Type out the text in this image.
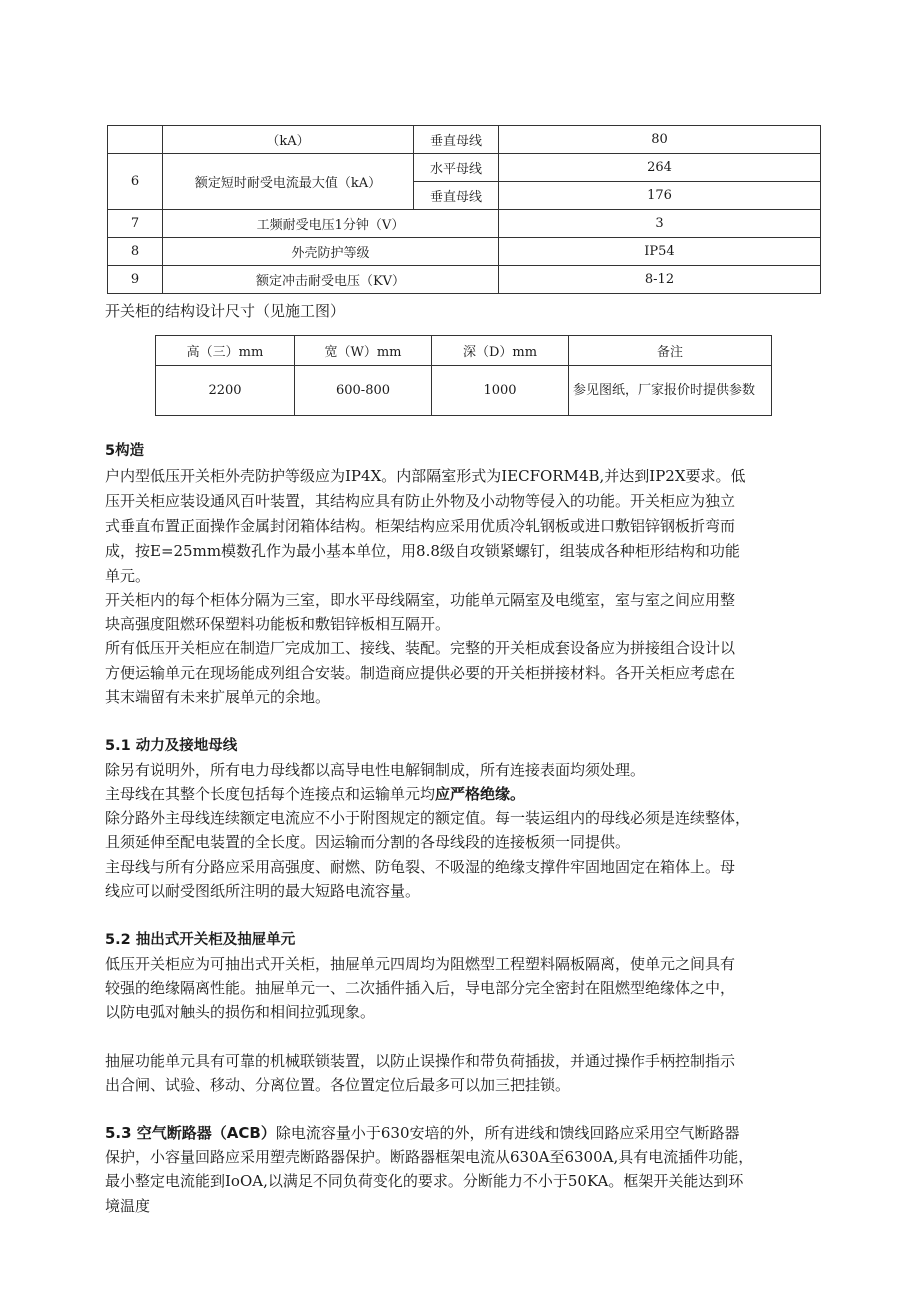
	（kA）	垂直母线	80
6	额定短时耐受电流最大值（kA）	水平母线	264
		垂直母线	176
7	工频耐受电压1分钟（V）		3
8	外壳防护等级		IP54
9	额定冲击耐受电压（KV）		8-12

开关柜的结构设计尺寸（见施工图）

高（三）mm	宽（W）mm	深（D）mm	备注
2200	600-800	1000	参见图纸，厂家报价时提供参数

5构造

户内型低压开关柜外壳防护等级应为IP4X。内部隔室形式为IECFORM4B,并达到IP2X要求。低

压开关柜应装设通风百叶装置，其结构应具有防止外物及小动物等侵入的功能。开关柜应为独立

式垂直布置正面操作金属封闭箱体结构。柜架结构应采用优质冷轧钢板或进口敷铝锌钢板折弯而

成，按E=25mm模数孔作为最小基本单位，用8.8级自攻锁紧螺钉，组装成各种柜形结构和功能

单元。

开关柜内的每个柜体分隔为三室，即水平母线隔室，功能单元隔室及电缆室，室与室之间应用整

块高强度阻燃环保塑料功能板和敷铝锌板相互隔开。

所有低压开关柜应在制造厂完成加工、接线、装配。完整的开关柜成套设备应为拼接组合设计以

方便运输单元在现场能成列组合安装。制造商应提供必要的开关柜拼接材料。各开关柜应考虑在

其末端留有未来扩展单元的余地。

5.1 动力及接地母线

除另有说明外，所有电力母线都以高导电性电解铜制成，所有连接表面均须处理。

主母线在其整个长度包括每个连接点和运输单元均应严格绝缘。

除分路外主母线连续额定电流应不小于附图规定的额定值。每一装运组内的母线必须是连续整体，

且须延伸至配电装置的全长度。因运输而分割的各母线段的连接板须一同提供。

主母线与所有分路应采用高强度、耐燃、防龟裂、不吸湿的绝缘支撑件牢固地固定在箱体上。母

线应可以耐受图纸所注明的最大短路电流容量。

5.2 抽出式开关柜及抽屉单元

低压开关柜应为可抽出式开关柜，抽屉单元四周均为阻燃型工程塑料隔板隔离，使单元之间具有

较强的绝缘隔离性能。抽屉单元一、二次插件插入后，导电部分完全密封在阻燃型绝缘体之中，

以防电弧对触头的损伤和相间拉弧现象。

抽屉功能单元具有可靠的机械联锁装置，以防止误操作和带负荷插拔，并通过操作手柄控制指示

出合闸、试验、移动、分离位置。各位置定位后最多可以加三把挂锁。

5.3 空气断路器（ACB）除电流容量小于630安培的外，所有进线和馈线回路应采用空气断路器

保护，小容量回路应采用塑壳断路器保护。断路器框架电流从630A至6300A,具有电流插件功能，

最小整定电流能到IoOA,以满足不同负荷变化的要求。分断能力不小于50KA。框架开关能达到环

境温度
